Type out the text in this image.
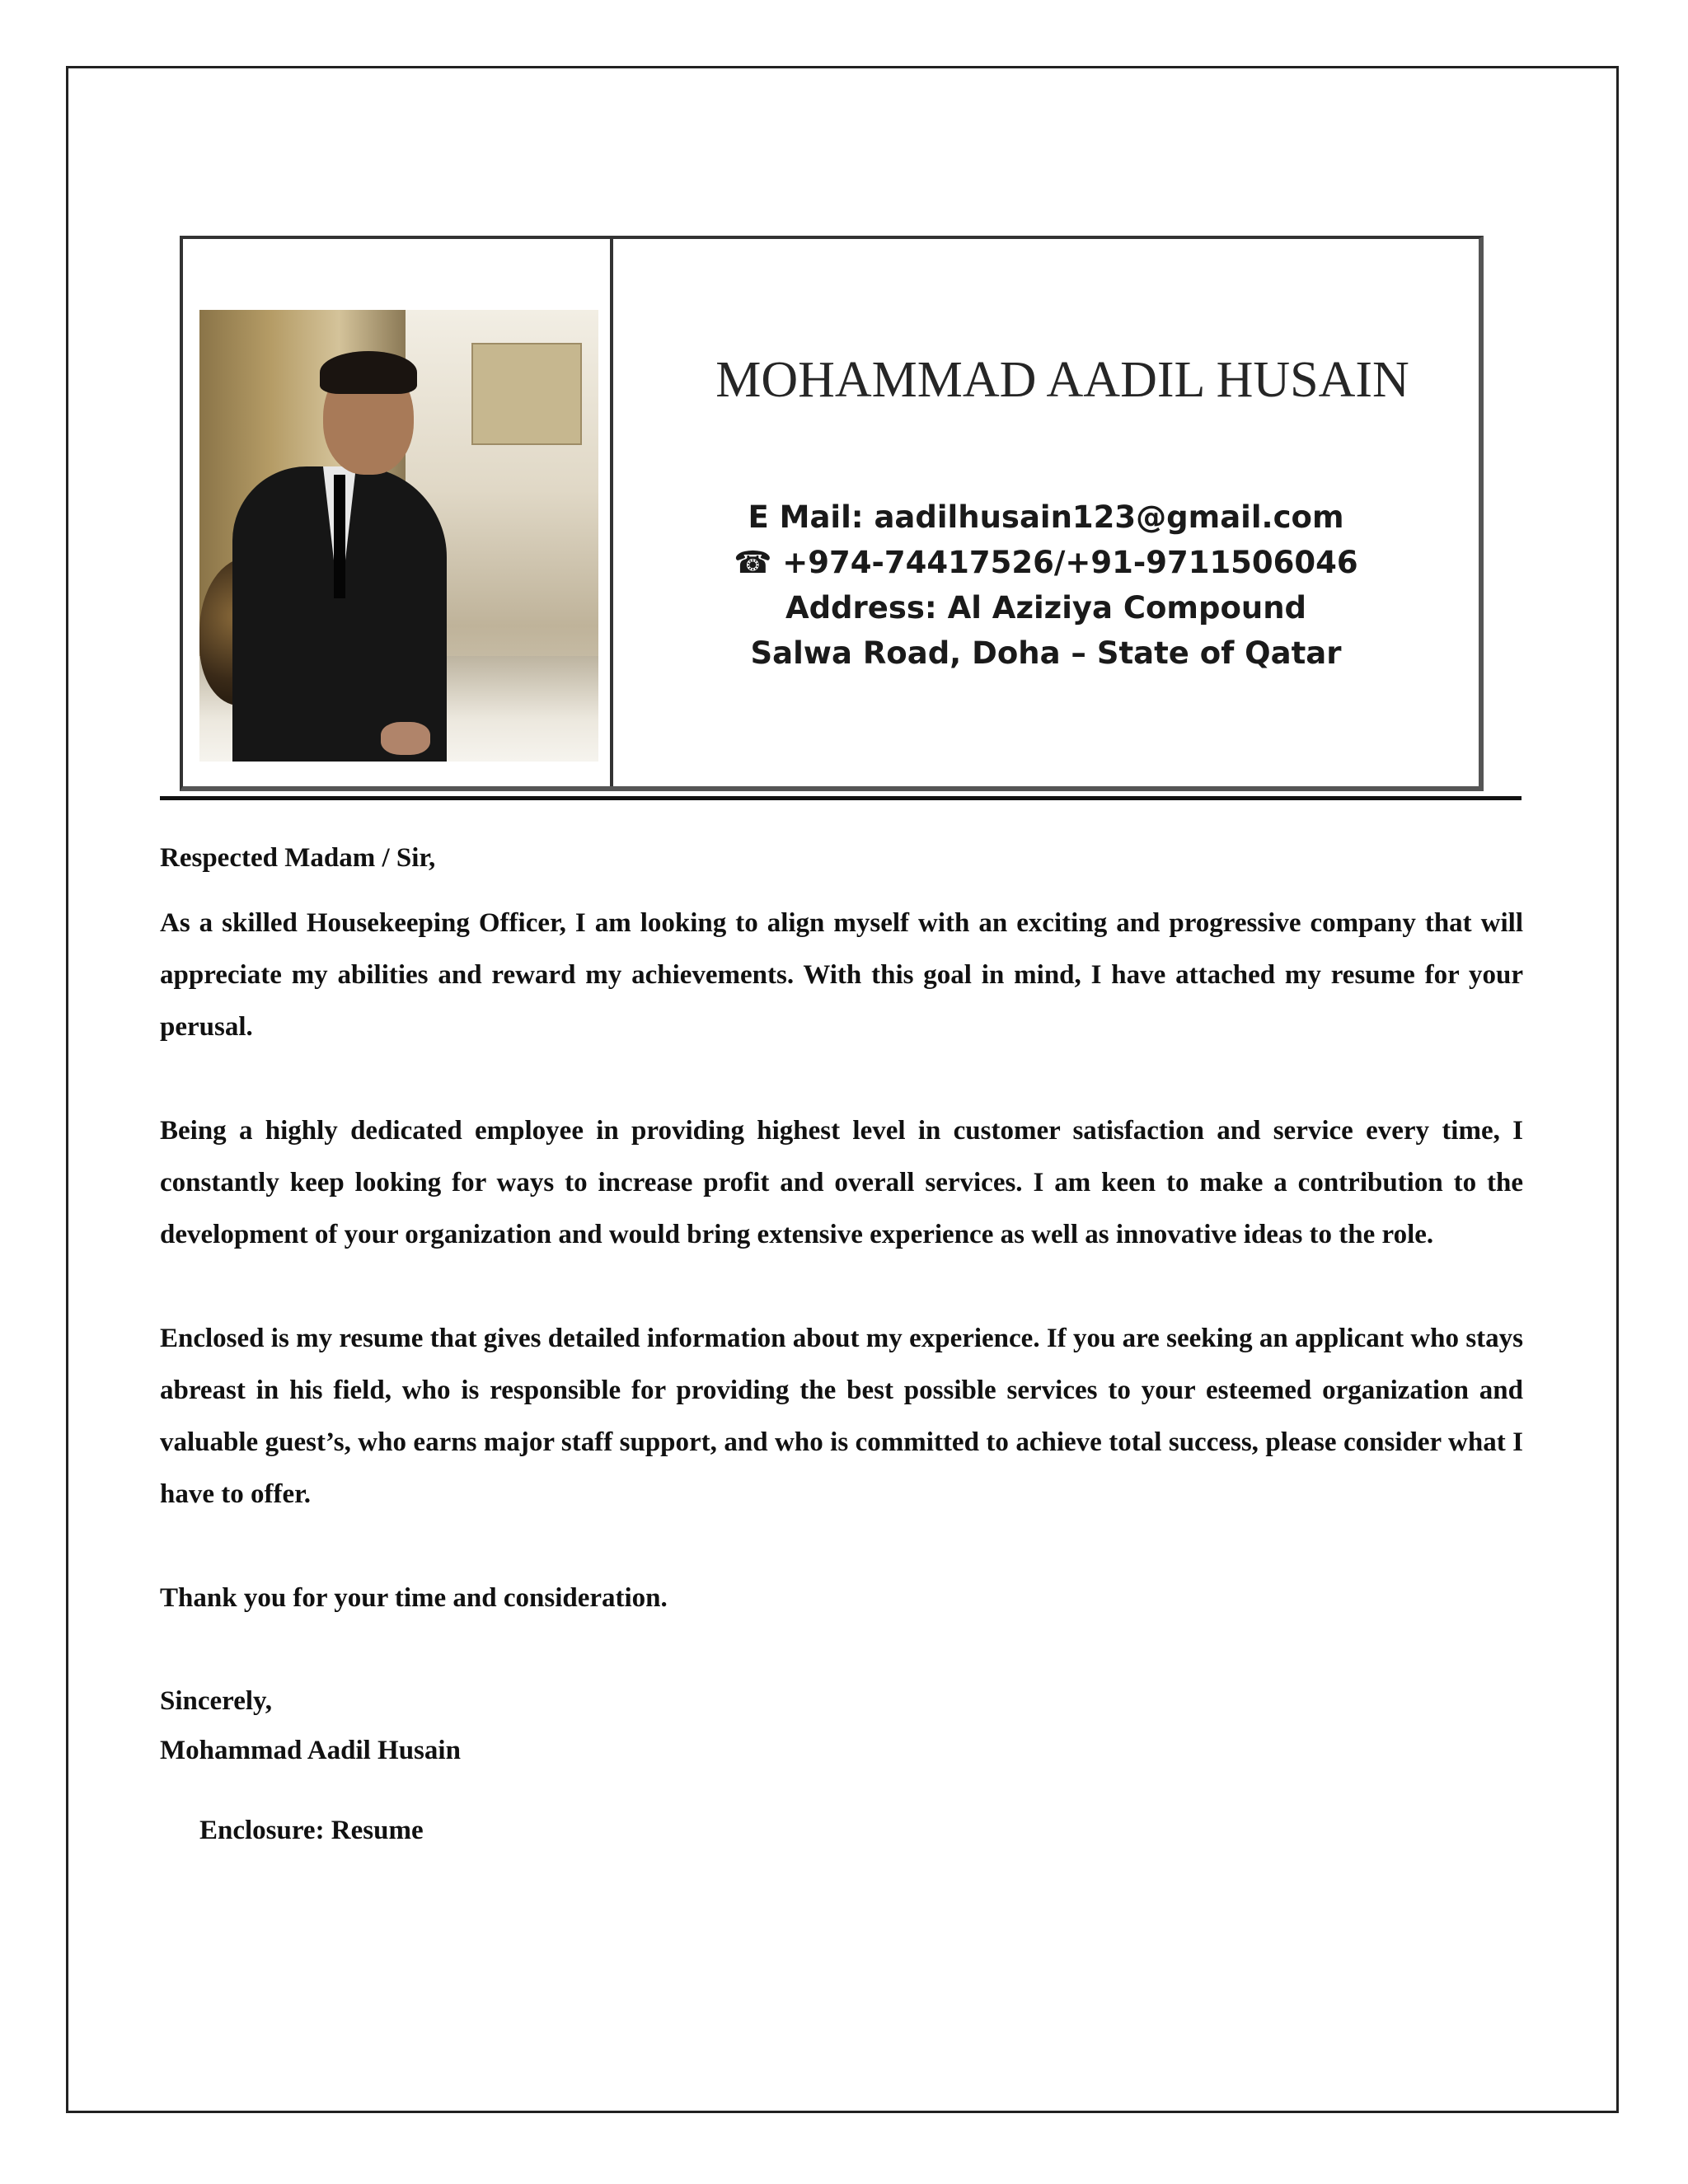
MOHAMMAD AADIL HUSAIN
E Mail: aadilhusain123@gmail.com
☎ +974-74417526/+91-9711506046
Address: Al Aziziya Compound
Salwa Road, Doha – State of Qatar

Respected Madam / Sir,

As a skilled Housekeeping Officer, I am looking to align myself with an exciting and progressive company that will appreciate my abilities and reward my achievements. With this goal in mind, I have attached my resume for your perusal.

Being a highly dedicated employee in providing highest level in customer satisfaction and service every time, I constantly keep looking for ways to increase profit and overall services. I am keen to make a contribution to the development of your organization and would bring extensive experience as well as innovative ideas to the role.

Enclosed is my resume that gives detailed information about my experience. If you are seeking an applicant who stays abreast in his field, who is responsible for providing the best possible services to your esteemed organization and valuable guest’s, who earns major staff support, and who is committed to achieve total success, please consider what I have to offer.

Thank you for your time and consideration.

Sincerely,

Mohammad Aadil Husain

Enclosure: Resume
